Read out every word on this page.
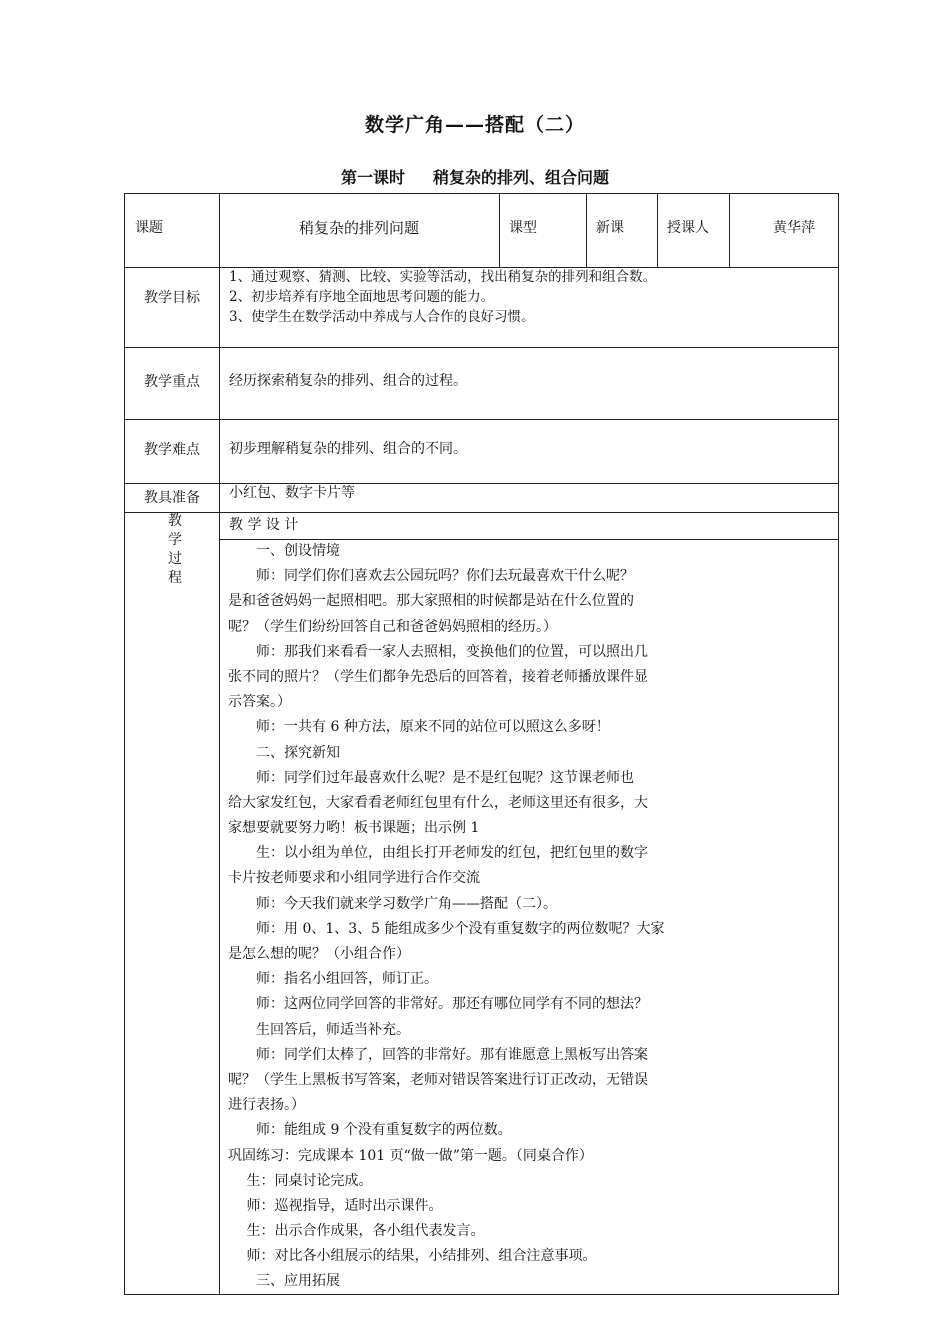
数学广角——搭配（二）
第一课时 稍复杂的排列、组合问题
课题	稍复杂的排列问题	课型	新课	授课人	黄华萍
教学目标
1、通过观察、猜测、比较、实验等活动，找出稍复杂的排列和组合数。
2、初步培养有序地全面地思考问题的能力。
3、使学生在数学活动中养成与人合作的良好习惯。
教学重点	经历探索稍复杂的排列、组合的过程。
教学难点	初步理解稍复杂的排列、组合的不同。
教具准备	小红包、数字卡片等
教
学
过
程
教 学 设 计

　　一、创设情境

　　师：同学们你们喜欢去公园玩吗？你们去玩最喜欢干什么呢？

是和爸爸妈妈一起照相吧。那大家照相的时候都是站在什么位置的

呢？（学生们纷纷回答自己和爸爸妈妈照相的经历。）

　　师：那我们来看看一家人去照相，变换他们的位置，可以照出几

张不同的照片？（学生们都争先恐后的回答着，接着老师播放课件显

示答案。）

　　师：一共有 6 种方法，原来不同的站位可以照这么多呀！

　　二、探究新知

　　师：同学们过年最喜欢什么呢？是不是红包呢？这节课老师也

给大家发红包，大家看看老师红包里有什么，老师这里还有很多，大

家想要就要努力哟！板书课题；出示例 1

　　生：以小组为单位，由组长打开老师发的红包，把红包里的数字

卡片按老师要求和小组同学进行合作交流

　　师：今天我们就来学习数学广角——搭配（二）。

　　师：用 0、1、3、5 能组成多少个没有重复数字的两位数呢？大家

是怎么想的呢？（小组合作）

　　师：指名小组回答，师订正。

　　师：这两位同学回答的非常好。那还有哪位同学有不同的想法？

　　生回答后，师适当补充。

　　师：同学们太棒了，回答的非常好。那有谁愿意上黑板写出答案

呢？（学生上黑板书写答案，老师对错误答案进行订正改动，无错误

进行表扬。）

　　师：能组成 9 个没有重复数字的两位数。

巩固练习：完成课本 101 页“做一做”第一题。（同桌合作）

　 生：同桌讨论完成。

　 师：巡视指导，适时出示课件。

　 生：出示合作成果，各小组代表发言。

　 师：对比各小组展示的结果，小结排列、组合注意事项。

　　三、应用拓展
